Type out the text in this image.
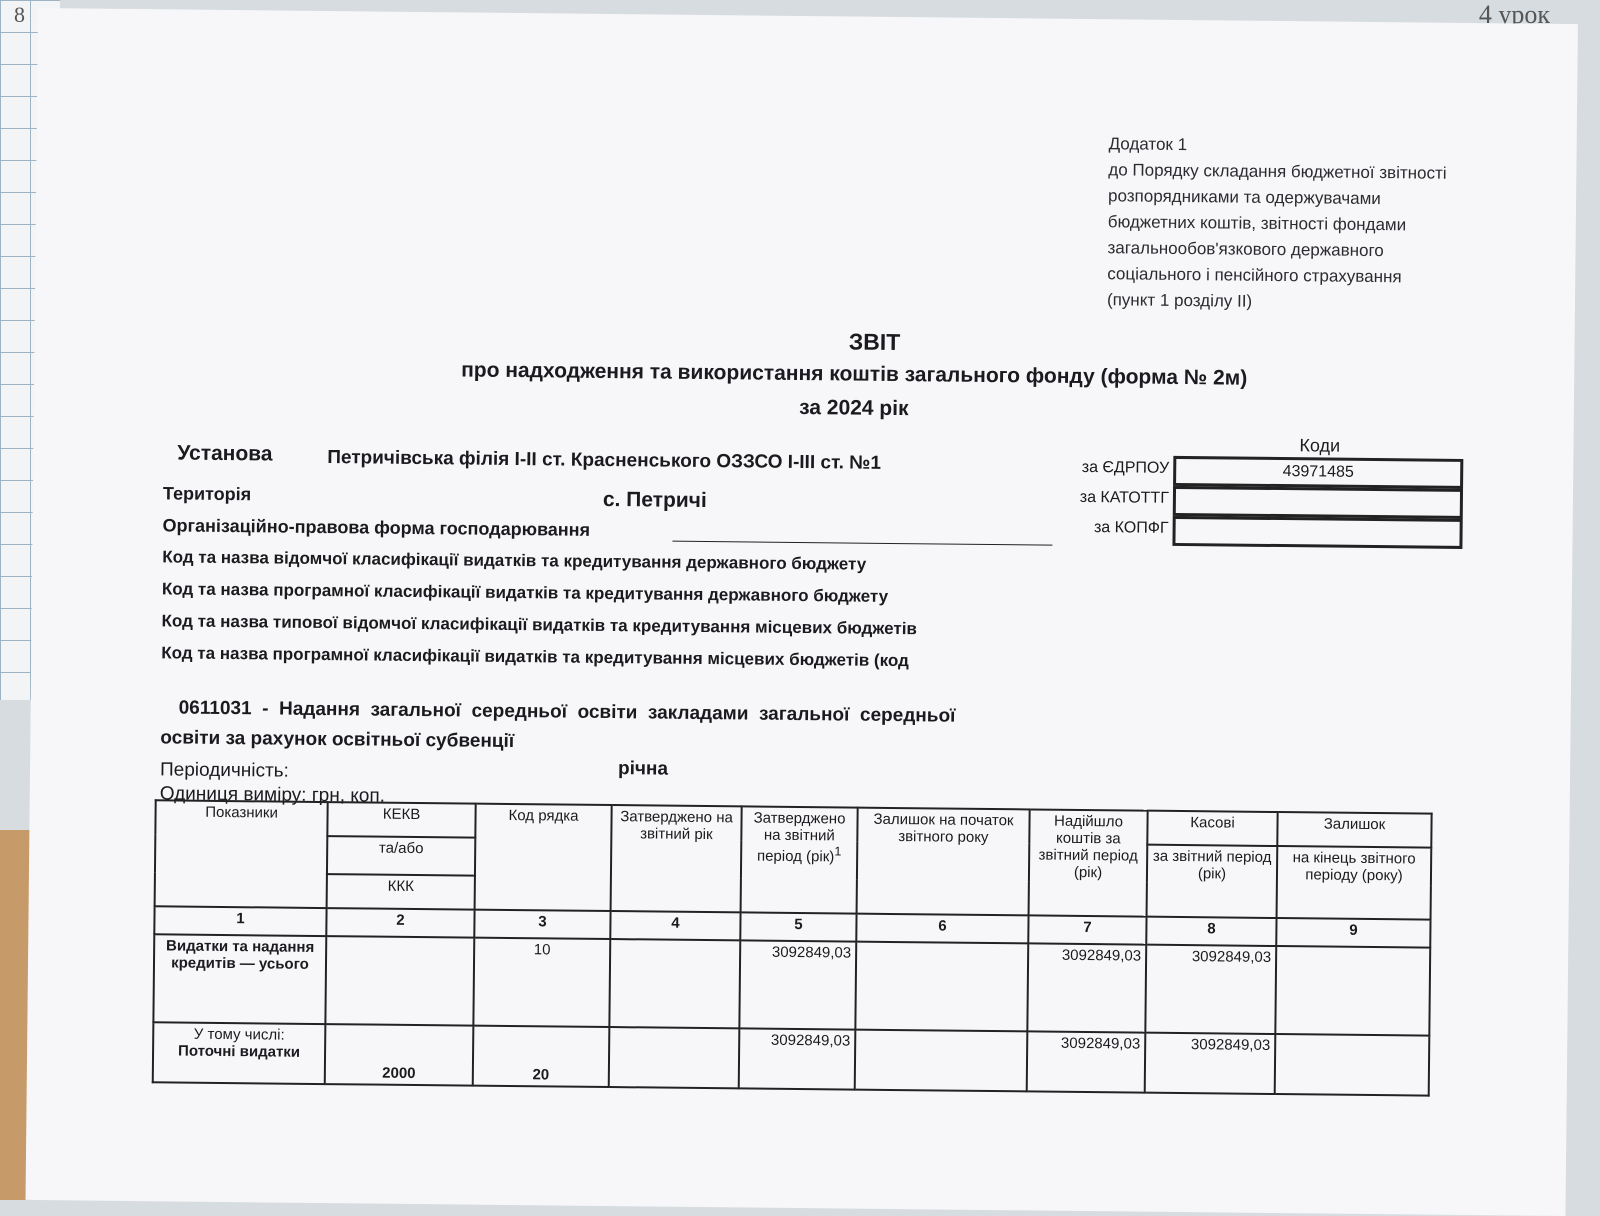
8	4 урок
Додаток 1
до Порядку складання бюджетної звітності
розпорядниками та одержувачами
бюджетних коштів, звітності фондами
загальнообов'язкового державного
соціального і пенсійного страхування
(пункт 1 розділу ІІ)
ЗВІТ
про надходження та використання коштів загального фонду (форма № 2м)
за 2024 рік
Коди
за ЄДРПОУ	43971485
за КАТОТТГ
за КОПФГ
Установа	Петричівська філія І-ІІ ст. Красненського ОЗЗСО І-ІІІ ст. №1
Територія	с. Петричі
Організаційно-правова форма господарювання
Код та назва відомчої класифікації видатків та кредитування державного бюджету
Код та назва програмної класифікації видатків та кредитування державного бюджету
Код та назва типової відомчої класифікації видатків та кредитування місцевих бюджетів
Код та назва програмної класифікації видатків та кредитування місцевих бюджетів (код
0611031  -  Надання  загальної  середньої  освіти  закладами  загальної  середньої
освіти за рахунок освітньої субвенції
Періодичність:	річна
Одиниця виміру: грн, коп.
Показники	КЕКВ	Код рядка	Затверджено на звітний рік	Затверджено на звітний період (рік)$^1$	Залишок на початок звітного року	Надійшло коштів за звітний період (рік)	Касові	Залишок
	та/або						за звітний період (рік)	на кінець звітного періоду (року)
	ККК							
1	2	3	4	5	6	7	8	9
Видатки та надання кредитів — усього		10		3092849,03		3092849,03	3092849,03	

У тому числі:
Поточні видатки	2000	20		3092849,03		3092849,03	3092849,03	
